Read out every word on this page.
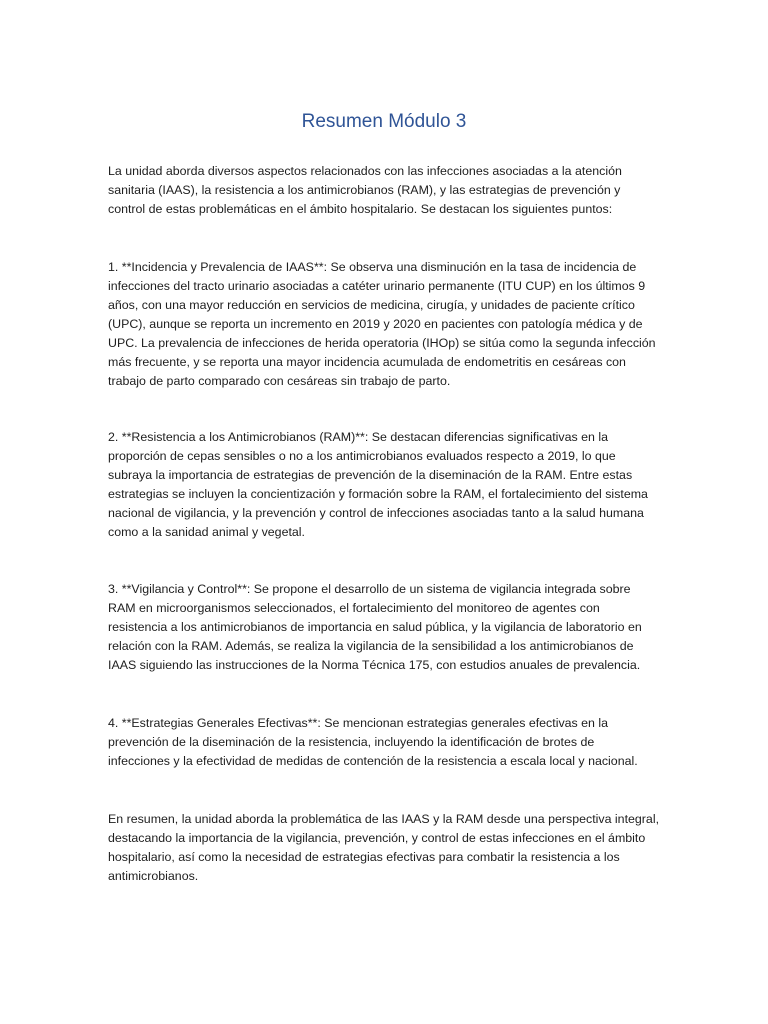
Resumen Módulo 3
La unidad aborda diversos aspectos relacionados con las infecciones asociadas a la atención
sanitaria (IAAS), la resistencia a los antimicrobianos (RAM), y las estrategias de prevención y
control de estas problemáticas en el ámbito hospitalario. Se destacan los siguientes puntos:
1. **Incidencia y Prevalencia de IAAS**: Se observa una disminución en la tasa de incidencia de
infecciones del tracto urinario asociadas a catéter urinario permanente (ITU CUP) en los últimos 9
años, con una mayor reducción en servicios de medicina, cirugía, y unidades de paciente crítico
(UPC), aunque se reporta un incremento en 2019 y 2020 en pacientes con patología médica y de
UPC. La prevalencia de infecciones de herida operatoria (IHOp) se sitúa como la segunda infección
más frecuente, y se reporta una mayor incidencia acumulada de endometritis en cesáreas con
trabajo de parto comparado con cesáreas sin trabajo de parto.
2. **Resistencia a los Antimicrobianos (RAM)**: Se destacan diferencias significativas en la
proporción de cepas sensibles o no a los antimicrobianos evaluados respecto a 2019, lo que
subraya la importancia de estrategias de prevención de la diseminación de la RAM. Entre estas
estrategias se incluyen la concientización y formación sobre la RAM, el fortalecimiento del sistema
nacional de vigilancia, y la prevención y control de infecciones asociadas tanto a la salud humana
como a la sanidad animal y vegetal.
3. **Vigilancia y Control**: Se propone el desarrollo de un sistema de vigilancia integrada sobre
RAM en microorganismos seleccionados, el fortalecimiento del monitoreo de agentes con
resistencia a los antimicrobianos de importancia en salud pública, y la vigilancia de laboratorio en
relación con la RAM. Además, se realiza la vigilancia de la sensibilidad a los antimicrobianos de
IAAS siguiendo las instrucciones de la Norma Técnica 175, con estudios anuales de prevalencia.
4. **Estrategias Generales Efectivas**: Se mencionan estrategias generales efectivas en la
prevención de la diseminación de la resistencia, incluyendo la identificación de brotes de
infecciones y la efectividad de medidas de contención de la resistencia a escala local y nacional.
En resumen, la unidad aborda la problemática de las IAAS y la RAM desde una perspectiva integral,
destacando la importancia de la vigilancia, prevención, y control de estas infecciones en el ámbito
hospitalario, así como la necesidad de estrategias efectivas para combatir la resistencia a los
antimicrobianos.
